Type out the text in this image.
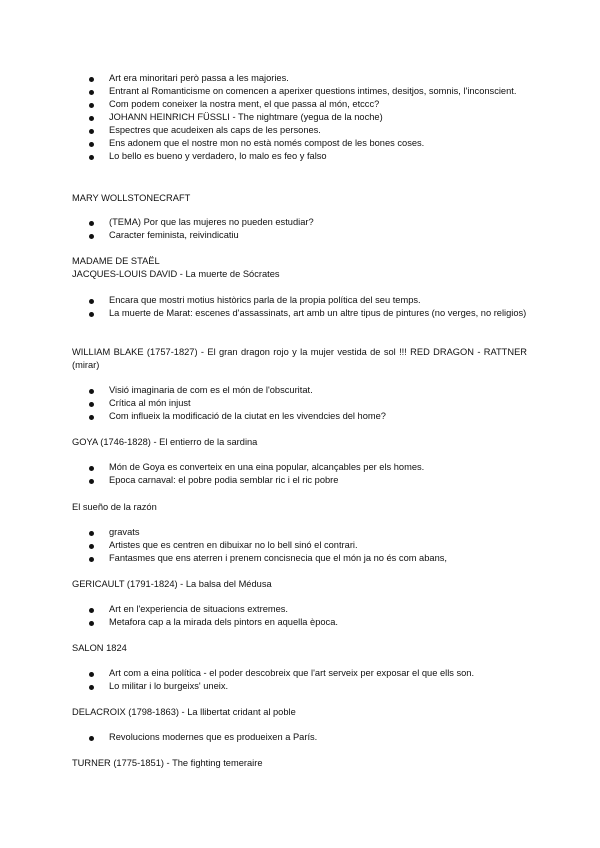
Art era minoritari però passa a les majories.
Entrant al Romanticisme on comencen a aperixer questions intimes, desitjos, somnis, l'inconscient.
Com podem coneixer la nostra ment, el que passa al món, etccc?
JOHANN HEINRICH FÜSSLI - The nightmare (yegua de la noche)
Espectres que acudeixen als caps de les persones.
Ens adonem que el nostre mon no està només compost de les bones coses.
Lo bello es bueno y verdadero, lo malo es feo y falso
MARY WOLLSTONECRAFT
(TEMA) Por que las mujeres no pueden estudiar?
Caracter feminista, reivindicatiu
MADAME DE STAËL
JACQUES-LOUIS DAVID - La muerte de Sócrates
Encara que mostri motius històrics parla de la propia política del seu temps.
La muerte de Marat: escenes d'assassinats, art amb un altre tipus de pintures (no verges, no religios)
WILLIAM BLAKE (1757-1827) - El gran dragon rojo y la mujer vestida de sol !!! RED DRAGON - RATTNER (mirar)
Visió imaginaria de com es el món de l'obscuritat.
Crítica al món injust
Com influeix la modificació de la ciutat en les vivendcies del home?
GOYA (1746-1828) - El entierro de la sardina
Món de Goya es converteix en una eina popular, alcançables per els homes.
Epoca carnaval: el pobre podia semblar ric i el ric pobre
El sueño de la razón
gravats
Artistes que es centren en dibuixar no lo bell sinó el contrari.
Fantasmes que ens aterren i prenem concisnecia que el món ja no és com abans,
GERICAULT (1791-1824) - La balsa del Médusa
Art en l'experiencia de situacions extremes.
Metafora cap a la mirada dels pintors en aquella època.
SALON 1824
Art com a eina política - el poder descobreix que l'art serveix per exposar el que ells son.
Lo militar i lo burgeixs' uneix.
DELACROIX (1798-1863) - La llibertat cridant al poble
Revolucions modernes que es produeixen a París.
TURNER (1775-1851) - The fighting temeraire
